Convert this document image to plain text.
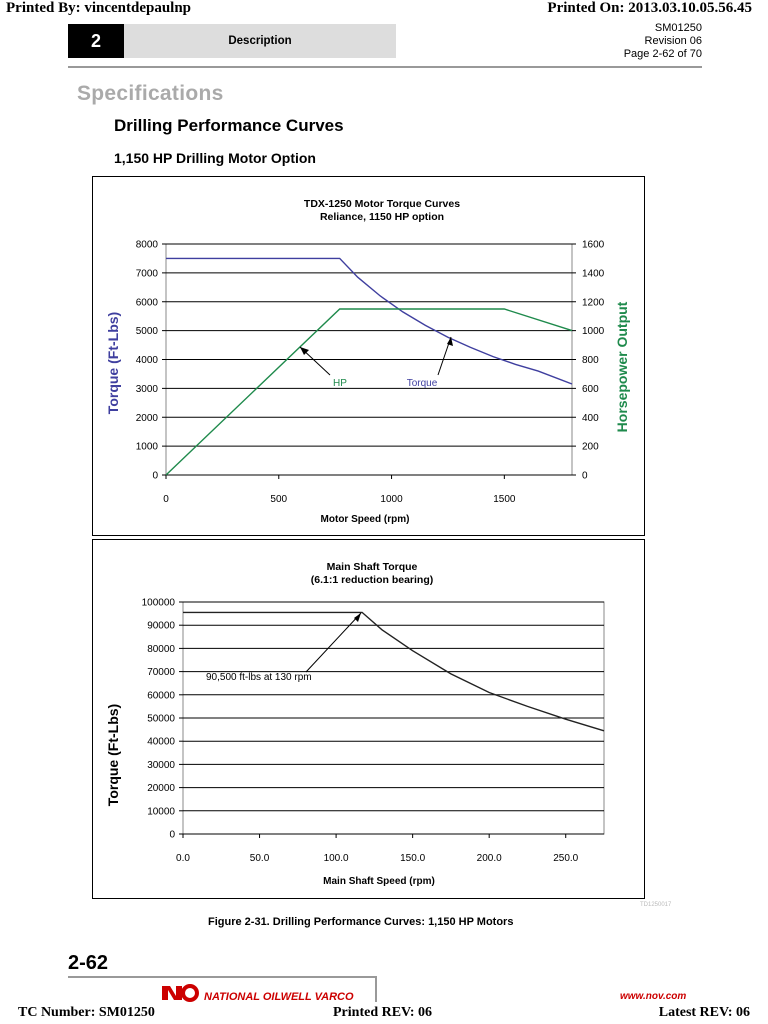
Printed By: vincentdepaulnp	Printed On: 2013.03.10.05.56.45
2	Description
SM01250
Revision 06
Page 2-62 of 70
Specifications
Drilling Performance Curves
1,150 HP Drilling Motor Option
TDX-1250 Motor Torque Curves
Reliance, 1150 HP option
0
1000
2000
3000
4000
5000
6000
7000
8000
0
200
400
600
800
1000
1200
1400
1600
0	500	1000	1500
Motor Speed (rpm)
Torque (Ft-Lbs)	Horsepower Output
HP	Torque
Main Shaft Torque
(6.1:1 reduction bearing)
0
10000
20000
30000
40000
50000
60000
70000
80000
90000
100000
0.0	50.0	100.0	150.0	200.0	250.0
Main Shaft Speed (rpm)
Torque (Ft-Lbs)
90,500 ft-lbs at 130 rpm
TD1250017
Figure 2-31. Drilling Performance Curves: 1,150 HP Motors
2-62
NATIONAL OILWELL VARCO	www.nov.com
TC Number: SM01250	Printed REV: 06	Latest REV: 06
